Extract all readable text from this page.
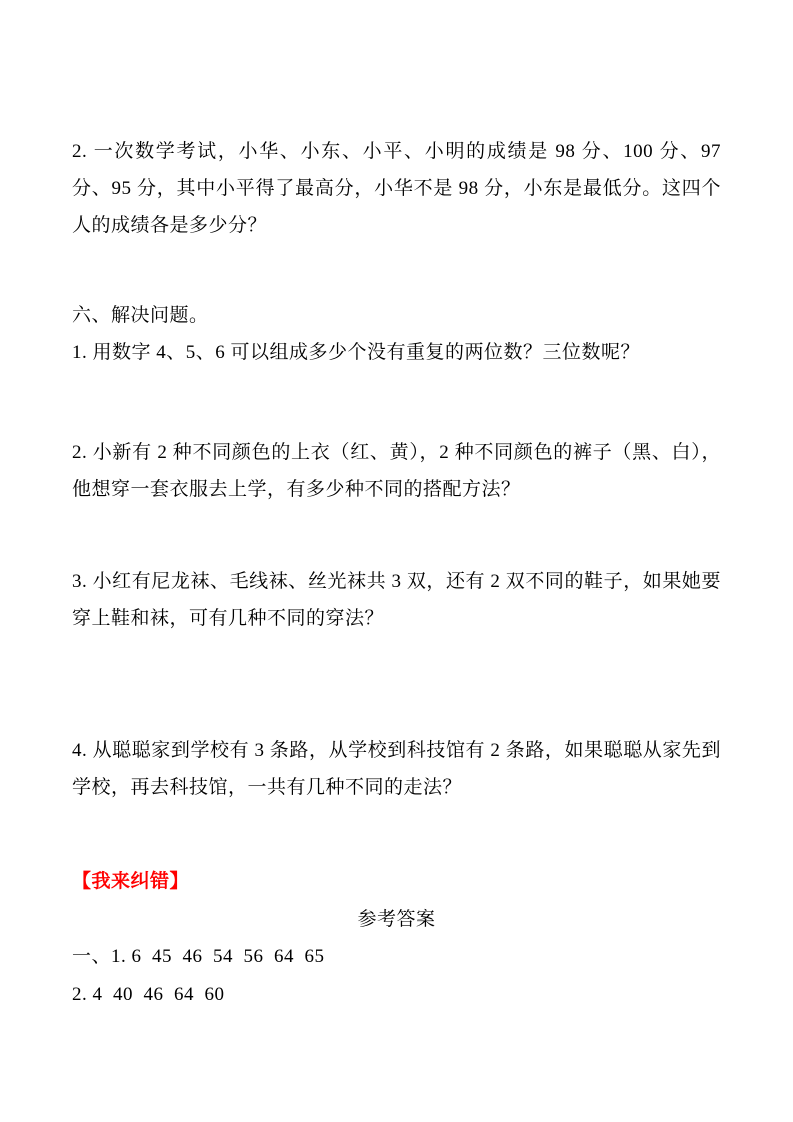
2. 一次数学考试，小华、小东、小平、小明的成绩是 98 分、100 分、97 分、95 分，其中小平得了最高分，小华不是 98 分，小东是最低分。这四个人的成绩各是多少分？

六、解决问题。

1. 用数字 4、5、6 可以组成多少个没有重复的两位数？三位数呢？

2. 小新有 2 种不同颜色的上衣（红、黄），2 种不同颜色的裤子（黑、白），他想穿一套衣服去上学，有多少种不同的搭配方法？

3. 小红有尼龙袜、毛线袜、丝光袜共 3 双，还有 2 双不同的鞋子，如果她要穿上鞋和袜，可有几种不同的穿法？

4. 从聪聪家到学校有 3 条路，从学校到科技馆有 2 条路，如果聪聪从家先到学校，再去科技馆，一共有几种不同的走法？

【我来纠错】

参考答案

一、1. 6  45  46  54  56  64  65

2. 4  40  46  64  60
